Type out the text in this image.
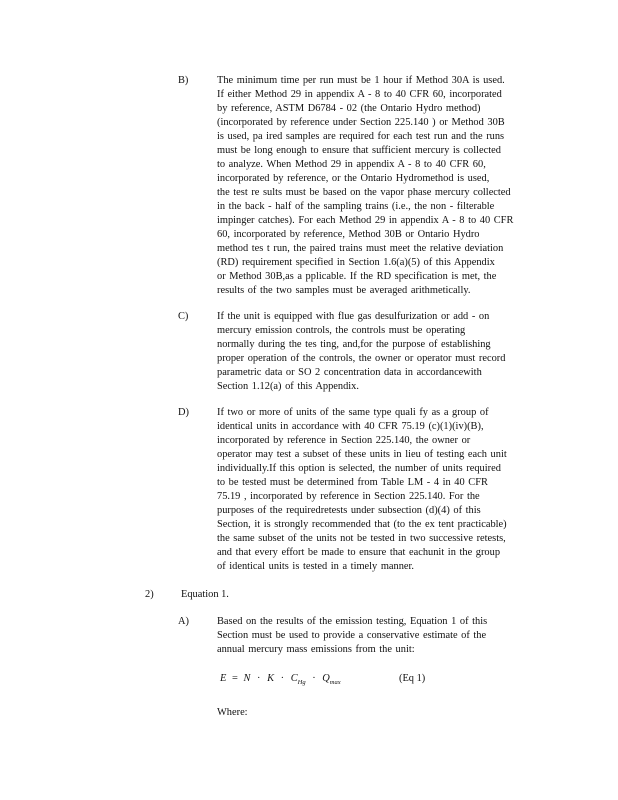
B)	The minimum time per run must be 1 hour if Method 30A is used.
If either Method 29 in appendix A - 8 to 40 CFR 60, incorporated
by reference, ASTM D6784 - 02 (the Ontario Hydro method)
(incorporated by reference under Section 225.140 ) or Method 30B
is used, pa ired samples are required for each test run and the runs
must be long enough to ensure that sufficient mercury is collected
to analyze. When Method 29 in appendix A - 8 to 40 CFR 60,
incorporated by reference, or the Ontario Hydromethod is used,
the test re sults must be based on the vapor phase mercury collected
in the back - half of the sampling trains (i.e., the non - filterable
impinger catches). For each Method 29 in appendix A - 8 to 40 CFR
60, incorporated by reference, Method 30B or Ontario Hydro
method tes t run, the paired trains must meet the relative deviation
(RD) requirement specified in Section 1.6(a)(5) of this Appendix
or Method 30B,as a pplicable. If the RD specification is met, the
results of the two samples must be averaged arithmetically.
C)	If the unit is equipped with flue gas desulfurization or add - on
mercury emission controls, the controls must be operating
normally during the tes ting, and,for the purpose of establishing
proper operation of the controls, the owner or operator must record
parametric data or SO 2 concentration data in accordancewith
Section 1.12(a) of this Appendix.
D)	If two or more of units of the same type quali fy as a group of
identical units in accordance with 40 CFR 75.19 (c)(1)(iv)(B),
incorporated by reference in Section 225.140, the owner or
operator may test a subset of these units in lieu of testing each unit
individually.If this option is selected, the number of units required
to be tested must be determined from Table LM - 4 in 40 CFR
75.19 , incorporated by reference in Section 225.140. For the
purposes of the requiredretests under subsection (d)(4) of this
Section, it is strongly recommended that (to the ex tent practicable)
the same subset of the units not be tested in two successive retests,
and that every effort be made to ensure that eachunit in the group
of identical units is tested in a timely manner.
2)	Equation 1.
A)	Based on the results of the emission testing, Equation 1 of this
Section must be used to provide a conservative estimate of the
annual mercury mass emissions from the unit:
$E = N \cdot K \cdot C_{Hg} \cdot Q_{max}$	(Eq 1)
Where:
